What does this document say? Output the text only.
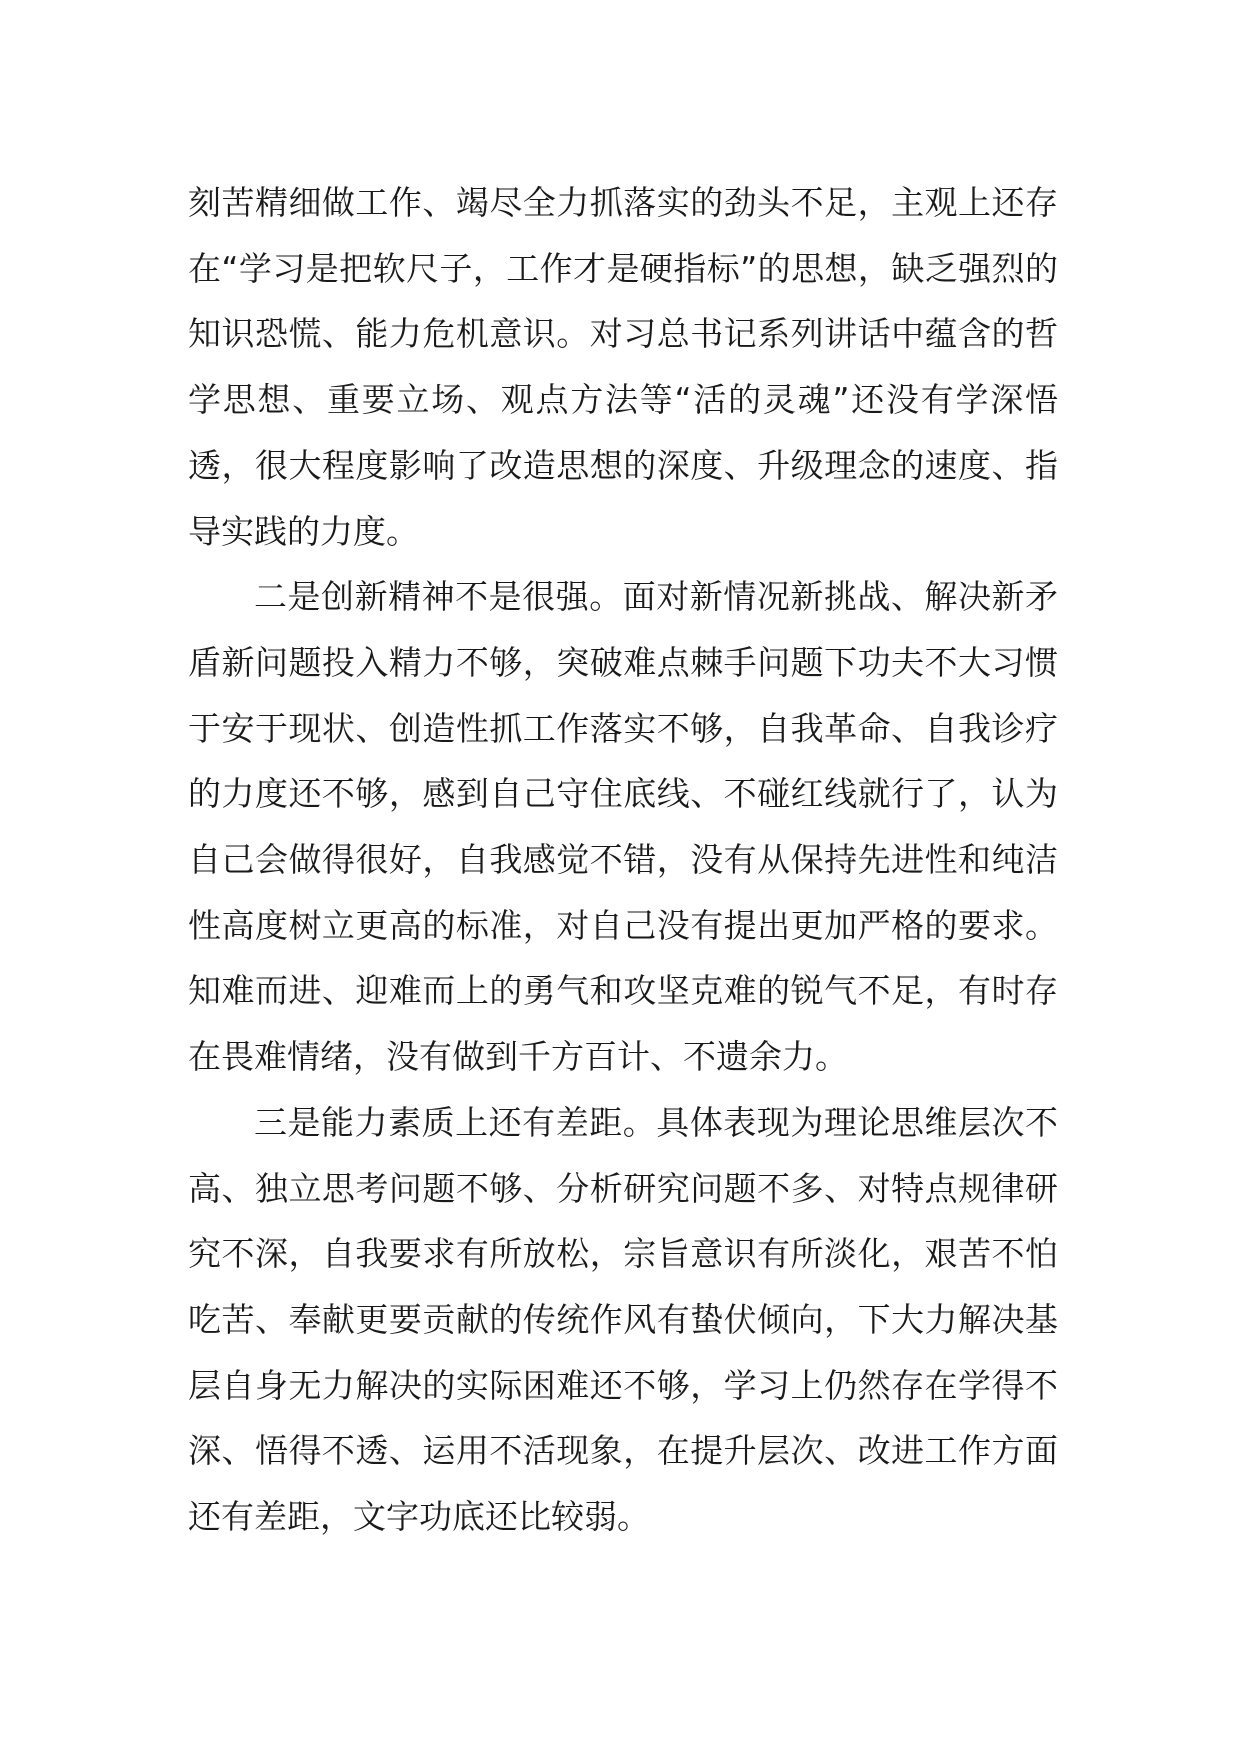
刻苦精细做工作、竭尽全力抓落实的劲头不足，主观上还存在“学习是把软尺子，工作才是硬指标”的思想，缺乏强烈的知识恐慌、能力危机意识。对习总书记系列讲话中蕴含的哲学思想、重要立场、观点方法等“活的灵魂”还没有学深悟透，很大程度影响了改造思想的深度、升级理念的速度、指导实践的力度。

二是创新精神不是很强。面对新情况新挑战、解决新矛盾新问题投入精力不够，突破难点棘手问题下功夫不大习惯于安于现状、创造性抓工作落实不够，自我革命、自我诊疗的力度还不够，感到自己守住底线、不碰红线就行了，认为自己会做得很好，自我感觉不错，没有从保持先进性和纯洁性高度树立更高的标准，对自己没有提出更加严格的要求。知难而进、迎难而上的勇气和攻坚克难的锐气不足，有时存在畏难情绪，没有做到千方百计、不遗余力。

三是能力素质上还有差距。具体表现为理论思维层次不高、独立思考问题不够、分析研究问题不多、对特点规律研究不深，自我要求有所放松，宗旨意识有所淡化，艰苦不怕吃苦、奉献更要贡献的传统作风有蛰伏倾向，下大力解决基层自身无力解决的实际困难还不够，学习上仍然存在学得不深、悟得不透、运用不活现象，在提升层次、改进工作方面还有差距，文字功底还比较弱。
